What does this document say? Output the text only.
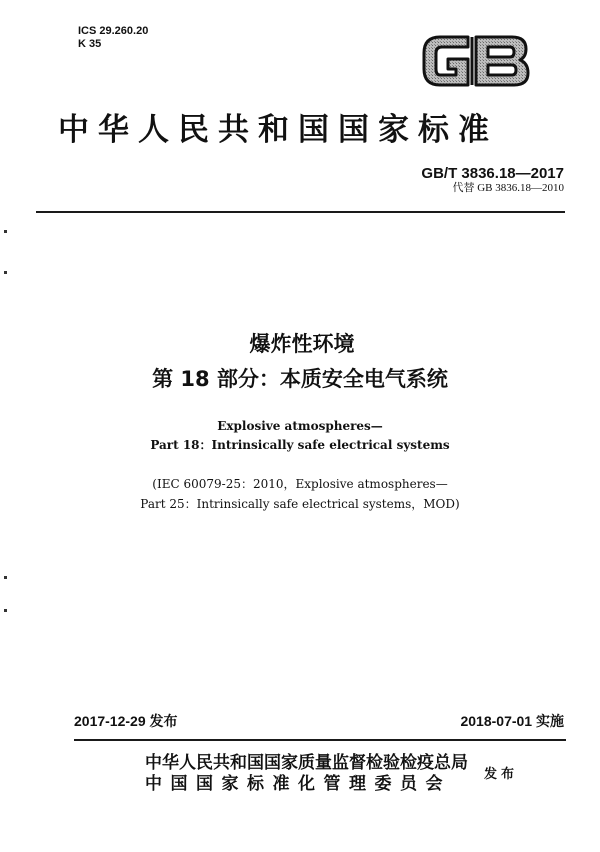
ICS 29.260.20
K 35
中华人民共和国国家标准
GB/T 3836.18—2017
代替 GB 3836.18—2010
爆炸性环境
第 18 部分：本质安全电气系统
Explosive atmospheres—
Part 18：Intrinsically safe electrical systems
(IEC 60079-25：2010，Explosive atmospheres—
Part 25：Intrinsically safe electrical systems，MOD)
2017-12-29 发布	2018-07-01 实施
中华人民共和国国家质量监督检验检疫总局
中国国家标准化管理委员会	发布
